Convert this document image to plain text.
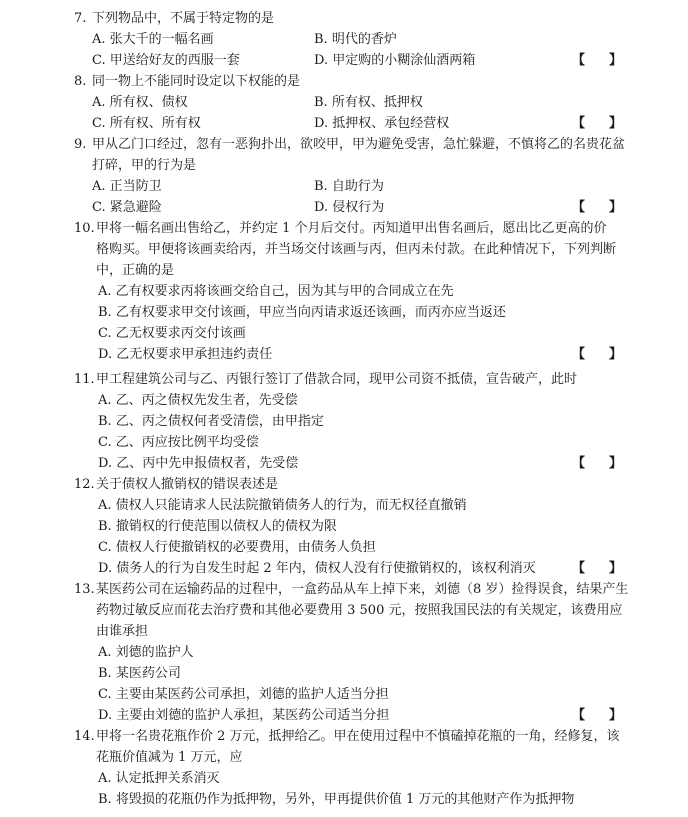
7. 下列物品中，不属于特定物的是
A. 张大千的一幅名画	B. 明代的香炉
C. 甲送给好友的西服一套	D. 甲定购的小糊涂仙酒两箱	【 】
8. 同一物上不能同时设定以下权能的是
A. 所有权、债权	B. 所有权、抵押权
C. 所有权、所有权	D. 抵押权、承包经营权	【 】
9. 甲从乙门口经过，忽有一恶狗扑出，欲咬甲，甲为避免受害，急忙躲避，不慎将乙的名贵花盆
打碎，甲的行为是
A. 正当防卫	B. 自助行为
C. 紧急避险	D. 侵权行为	【 】
10. 甲将一幅名画出售给乙，并约定 1 个月后交付。丙知道甲出售名画后，愿出比乙更高的价
格购买。甲便将该画卖给丙，并当场交付该画与丙，但丙未付款。在此种情况下，下列判断
中，正确的是
A. 乙有权要求丙将该画交给自己，因为其与甲的合同成立在先
B. 乙有权要求甲交付该画，甲应当向丙请求返还该画，而丙亦应当返还
C. 乙无权要求丙交付该画
D. 乙无权要求甲承担违约责任	【 】
11. 甲工程建筑公司与乙、丙银行签订了借款合同，现甲公司资不抵债，宣告破产，此时
A. 乙、丙之债权先发生者，先受偿
B. 乙、丙之债权何者受清偿，由甲指定
C. 乙、丙应按比例平均受偿
D. 乙、丙中先申报债权者，先受偿	【 】
12. 关于债权人撤销权的错误表述是
A. 债权人只能请求人民法院撤销债务人的行为，而无权径直撤销
B. 撤销权的行使范围以债权人的债权为限
C. 债权人行使撤销权的必要费用，由债务人负担
D. 债务人的行为自发生时起 2 年内，债权人没有行使撤销权的，该权利消灭	【 】
13. 某医药公司在运输药品的过程中，一盒药品从车上掉下来，刘德（8 岁）捡得误食，结果产生
药物过敏反应而花去治疗费和其他必要费用 3 500 元，按照我国民法的有关规定，该费用应
由谁承担
A. 刘德的监护人
B. 某医药公司
C. 主要由某医药公司承担，刘德的监护人适当分担
D. 主要由刘德的监护人承担，某医药公司适当分担	【 】
14. 甲将一名贵花瓶作价 2 万元，抵押给乙。甲在使用过程中不慎磕掉花瓶的一角，经修复，该
花瓶价值减为 1 万元，应
A. 认定抵押关系消灭
B. 将毁损的花瓶仍作为抵押物，另外，甲再提供价值 1 万元的其他财产作为抵押物
